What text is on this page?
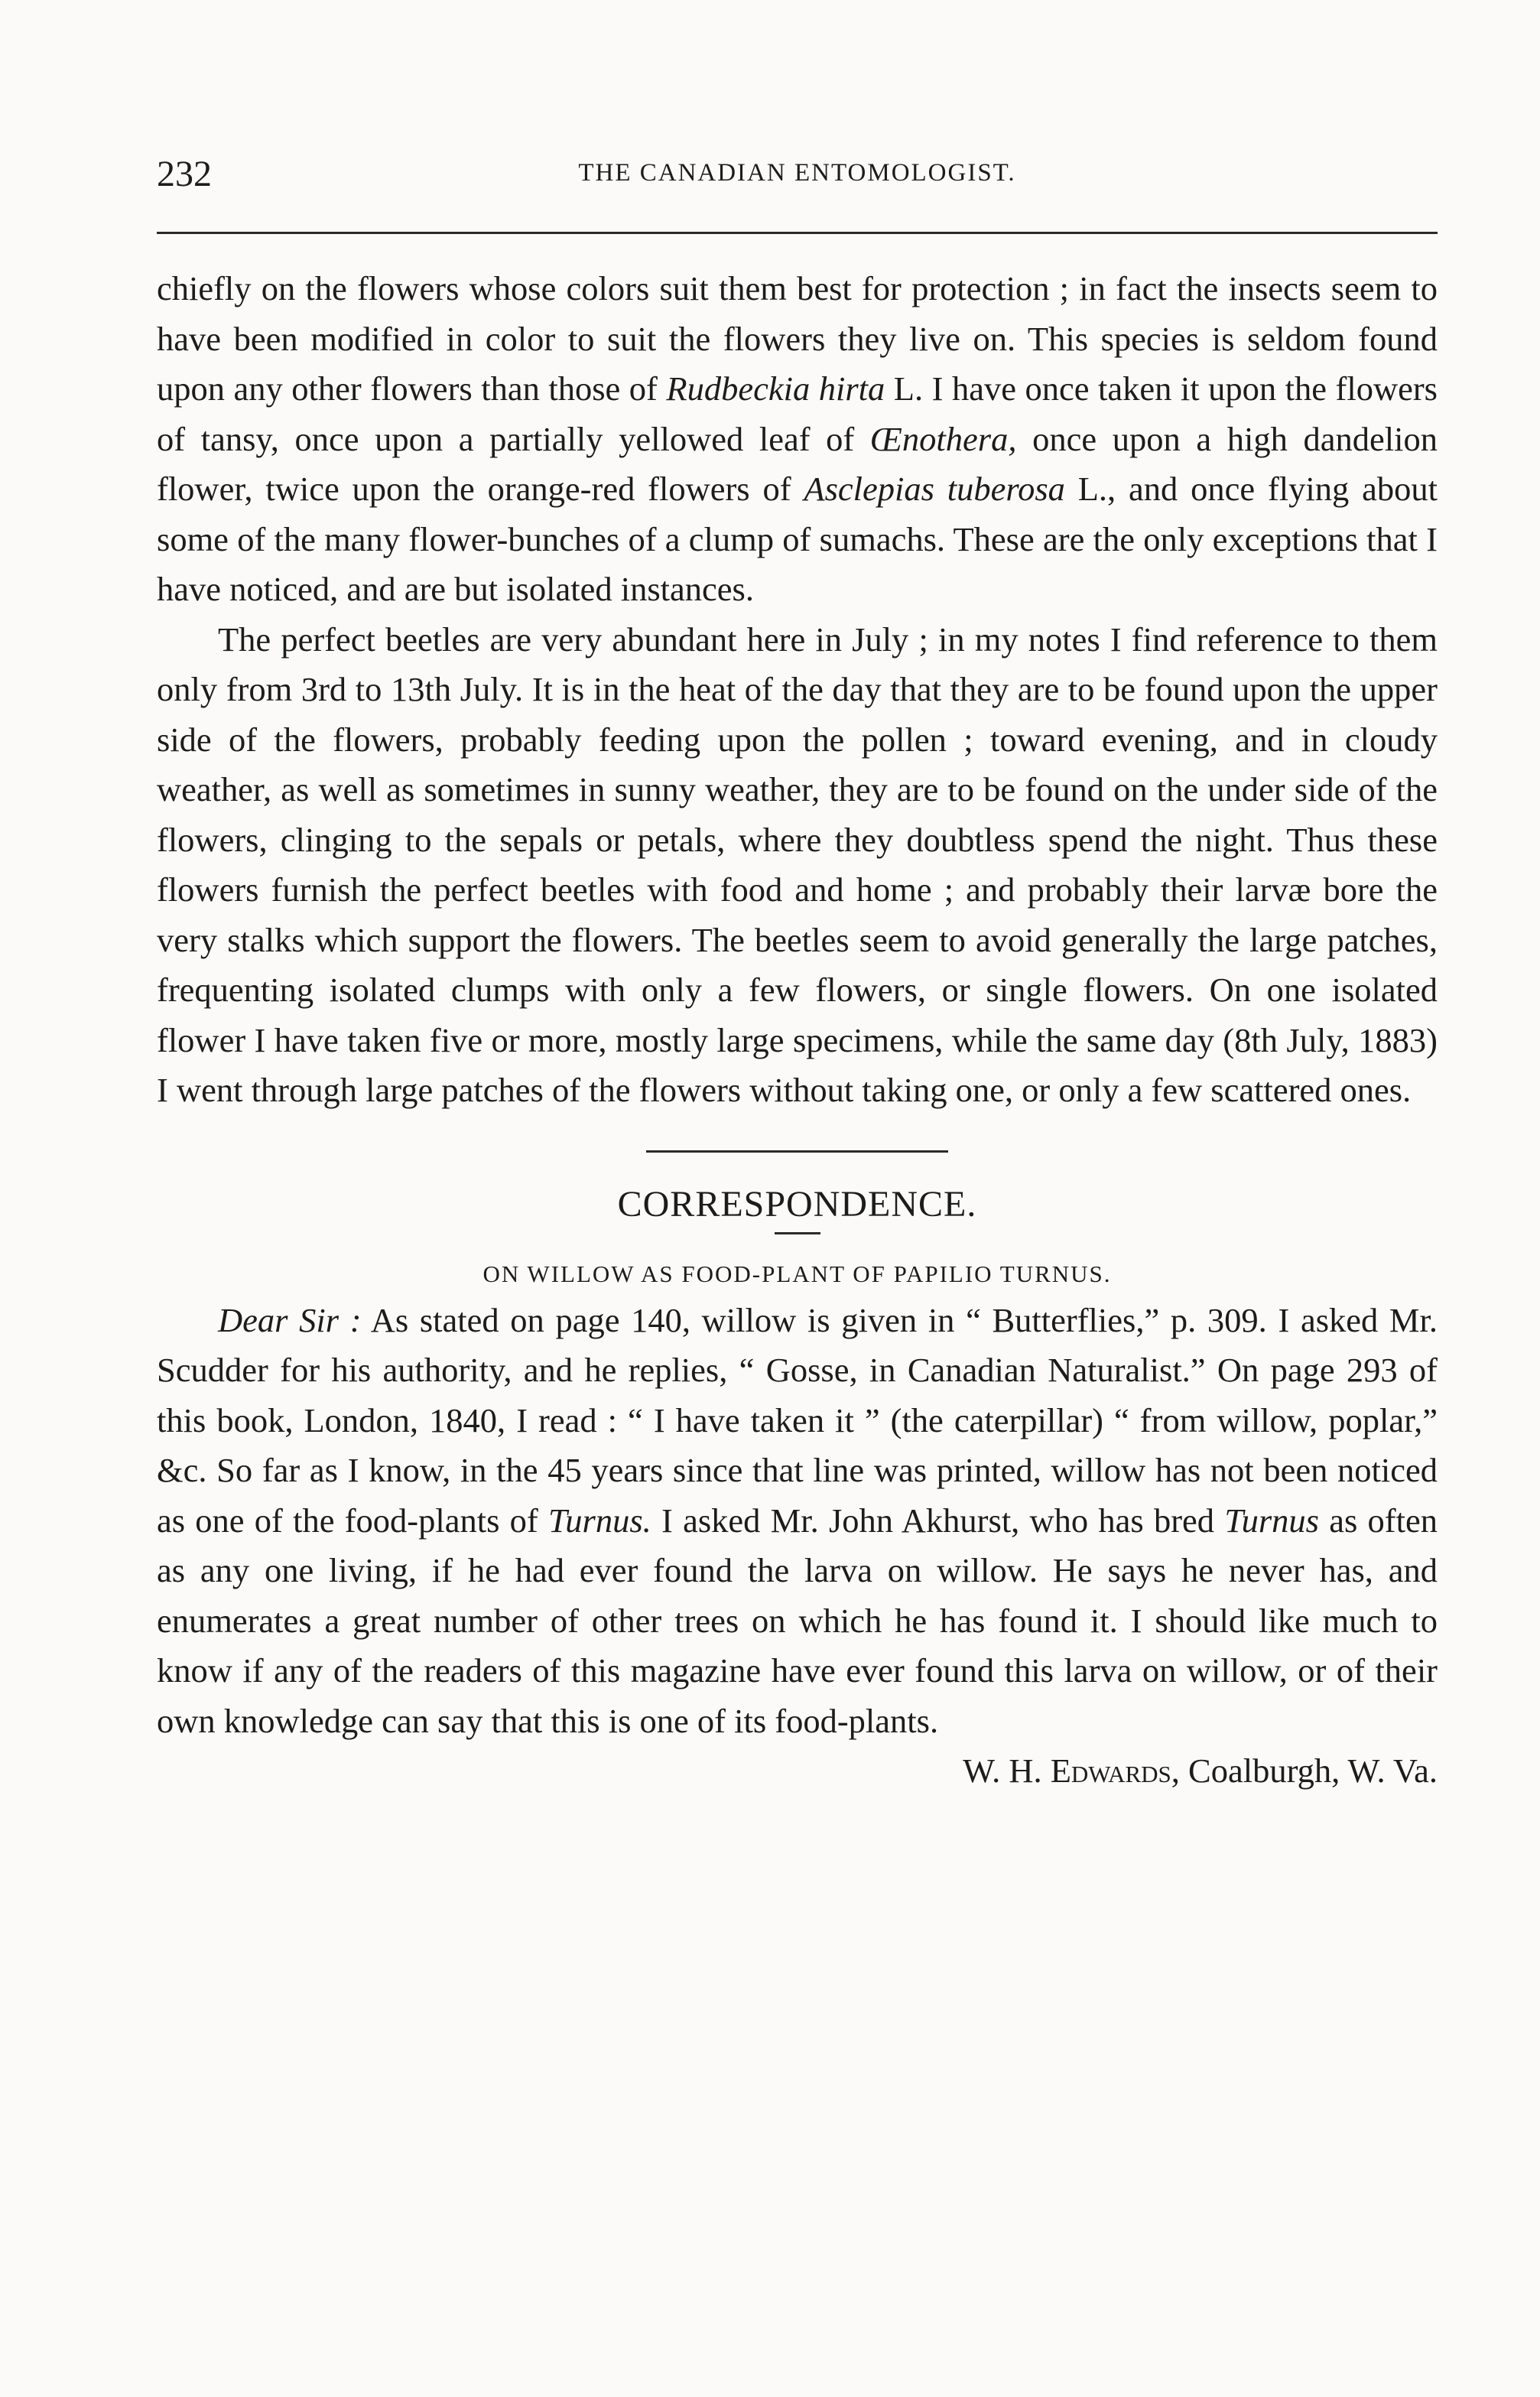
232	THE CANADIAN ENTOMOLOGIST.

chiefly on the flowers whose colors suit them best for protection ; in fact the insects seem to have been modified in color to suit the flowers they live on. This species is seldom found upon any other flowers than those of Rudbeckia hirta L. I have once taken it upon the flowers of tansy, once upon a partially yellowed leaf of Œnothera, once upon a high dandelion flower, twice upon the orange-red flowers of Asclepias tuberosa L., and once flying about some of the many flower-bunches of a clump of sumachs. These are the only exceptions that I have noticed, and are but isolated instances.

The perfect beetles are very abundant here in July ; in my notes I find reference to them only from 3rd to 13th July. It is in the heat of the day that they are to be found upon the upper side of the flowers, probably feeding upon the pollen ; toward evening, and in cloudy weather, as well as sometimes in sunny weather, they are to be found on the under side of the flowers, clinging to the sepals or petals, where they doubtless spend the night. Thus these flowers furnish the perfect beetles with food and home ; and probably their larvæ bore the very stalks which support the flowers. The beetles seem to avoid generally the large patches, frequenting isolated clumps with only a few flowers, or single flowers. On one isolated flower I have taken five or more, mostly large specimens, while the same day (8th July, 1883) I went through large patches of the flowers without taking one, or only a few scattered ones.

CORRESPONDENCE.
ON WILLOW AS FOOD-PLANT OF PAPILIO TURNUS.

Dear Sir : As stated on page 140, willow is given in “ Butterflies,” p. 309. I asked Mr. Scudder for his authority, and he replies, “ Gosse, in Canadian Naturalist.” On page 293 of this book, London, 1840, I read : “ I have taken it ” (the caterpillar) “ from willow, poplar,” &c. So far as I know, in the 45 years since that line was printed, willow has not been noticed as one of the food-plants of Turnus. I asked Mr. John Akhurst, who has bred Turnus as often as any one living, if he had ever found the larva on willow. He says he never has, and enumerates a great number of other trees on which he has found it. I should like much to know if any of the readers of this magazine have ever found this larva on willow, or of their own knowledge can say that this is one of its food-plants.
W. H. Edwards, Coalburgh, W. Va.
